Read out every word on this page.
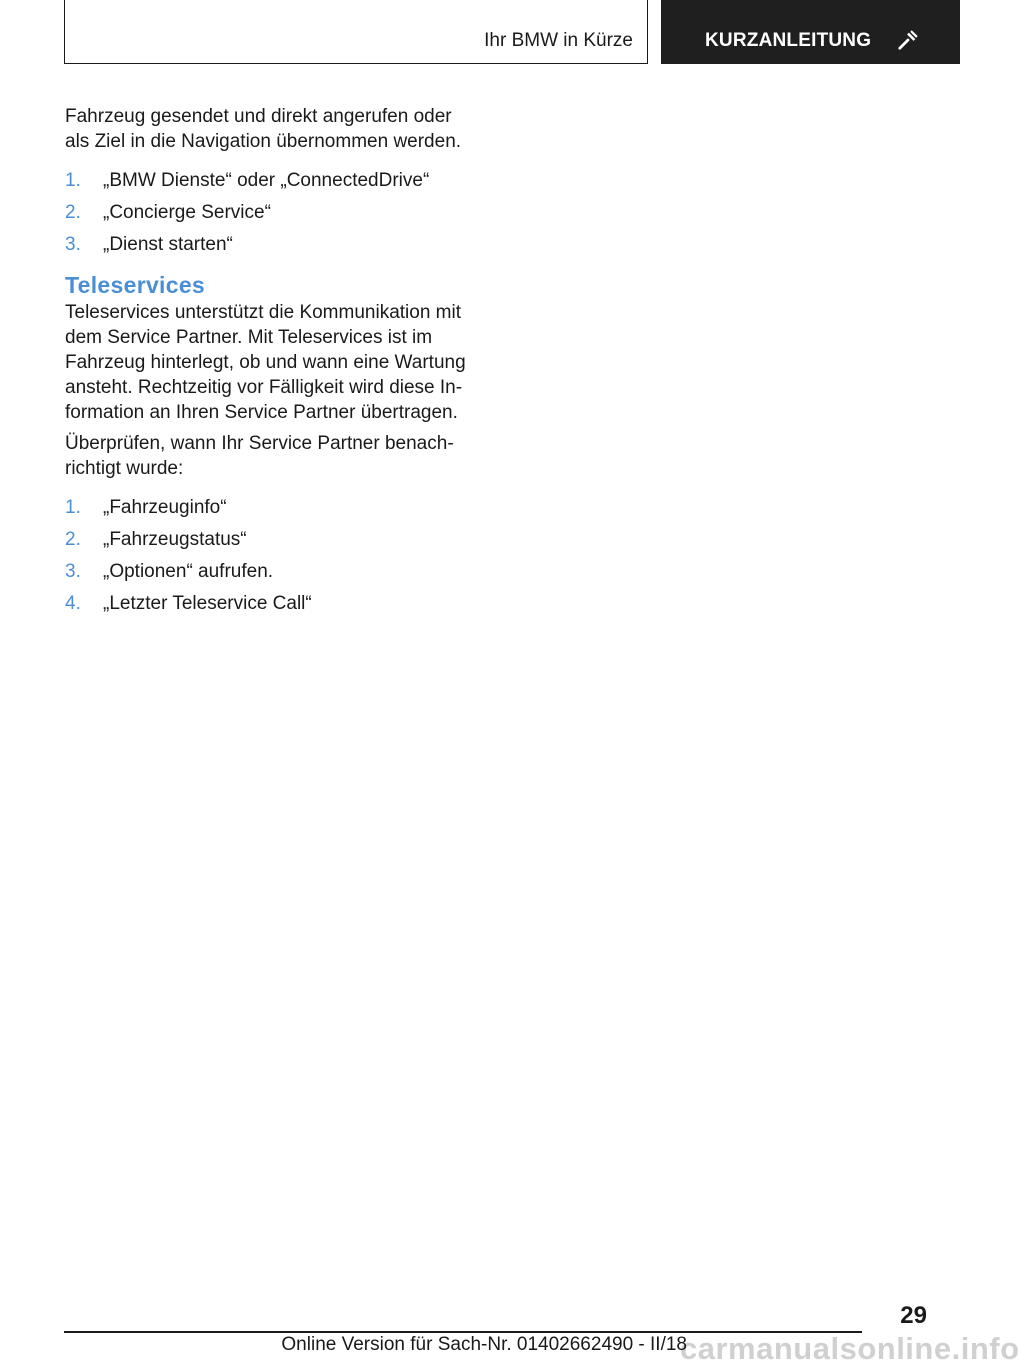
Ihr BMW in Kürze	KURZANLEITUNG

Fahrzeug gesendet und direkt angerufen oder als Ziel in die Navigation übernommen werden.

1.	„BMW Dienste“ oder „ConnectedDrive“
2.	„Concierge Service“
3.	„Dienst starten“
Teleservices

Teleservices unterstützt die Kommunikation mit dem Service Partner. Mit Teleservices ist im Fahrzeug hinterlegt, ob und wann eine Wartung ansteht. Rechtzeitig vor Fälligkeit wird diese In-formation an Ihren Service Partner übertragen.

Überprüfen, wann Ihr Service Partner benach-richtigt wurde:

1.	„Fahrzeuginfo“
2.	„Fahrzeugstatus“
3.	„Optionen“ aufrufen.
4.	„Letzter Teleservice Call“
29
carmanualsonline.info
Online Version für Sach-Nr. 01402662490 - II/18
